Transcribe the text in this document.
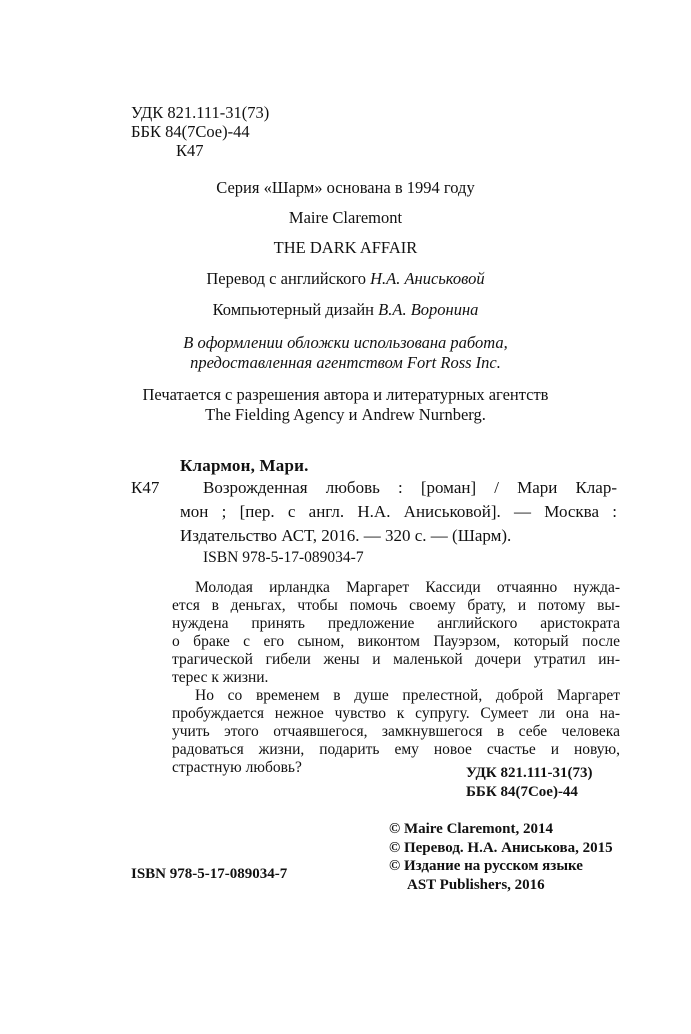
УДК 821.111-31(73)
ББК 84(7Сое)-44
К47
Серия «Шарм» основана в 1994 году
Maire Claremont
THE DARK AFFAIR
Перевод с английского Н.А. Аниськовой
Компьютерный дизайн В.А. Воронина
В оформлении обложки использована работа,
предоставленная агентством Fort Ross Inc.
Печатается с разрешения автора и литературных агентств
The Fielding Agency и Andrew Nurnberg.
Клармон, Мари.
К47	Возрожденная любовь : [роман] / Мари Клар-
мон ; [пер. с англ. Н.А. Аниськовой]. — Москва :
Издательство АСТ, 2016. — 320 с. — (Шарм).
ISBN 978-5-17-089034-7
Молодая ирландка Маргарет Кассиди отчаянно нужда-
ется в деньгах, чтобы помочь своему брату, и потому вы-
нуждена принять предложение английского аристократа
о браке с его сыном, виконтом Пауэрзом, который после
трагической гибели жены и маленькой дочери утратил ин-
терес к жизни.
Но со временем в душе прелестной, доброй Маргарет
пробуждается нежное чувство к супругу. Сумеет ли она на-
учить этого отчаявшегося, замкнувшегося в себе человека
радоваться жизни, подарить ему новое счастье и новую,
страстную любовь?	УДК 821.111-31(73)
ББК 84(7Сое)-44
© Maire Claremont, 2014
© Перевод. Н.А. Аниськова, 2015
© Издание на русском языке
AST Publishers, 2016
ISBN 978-5-17-089034-7
